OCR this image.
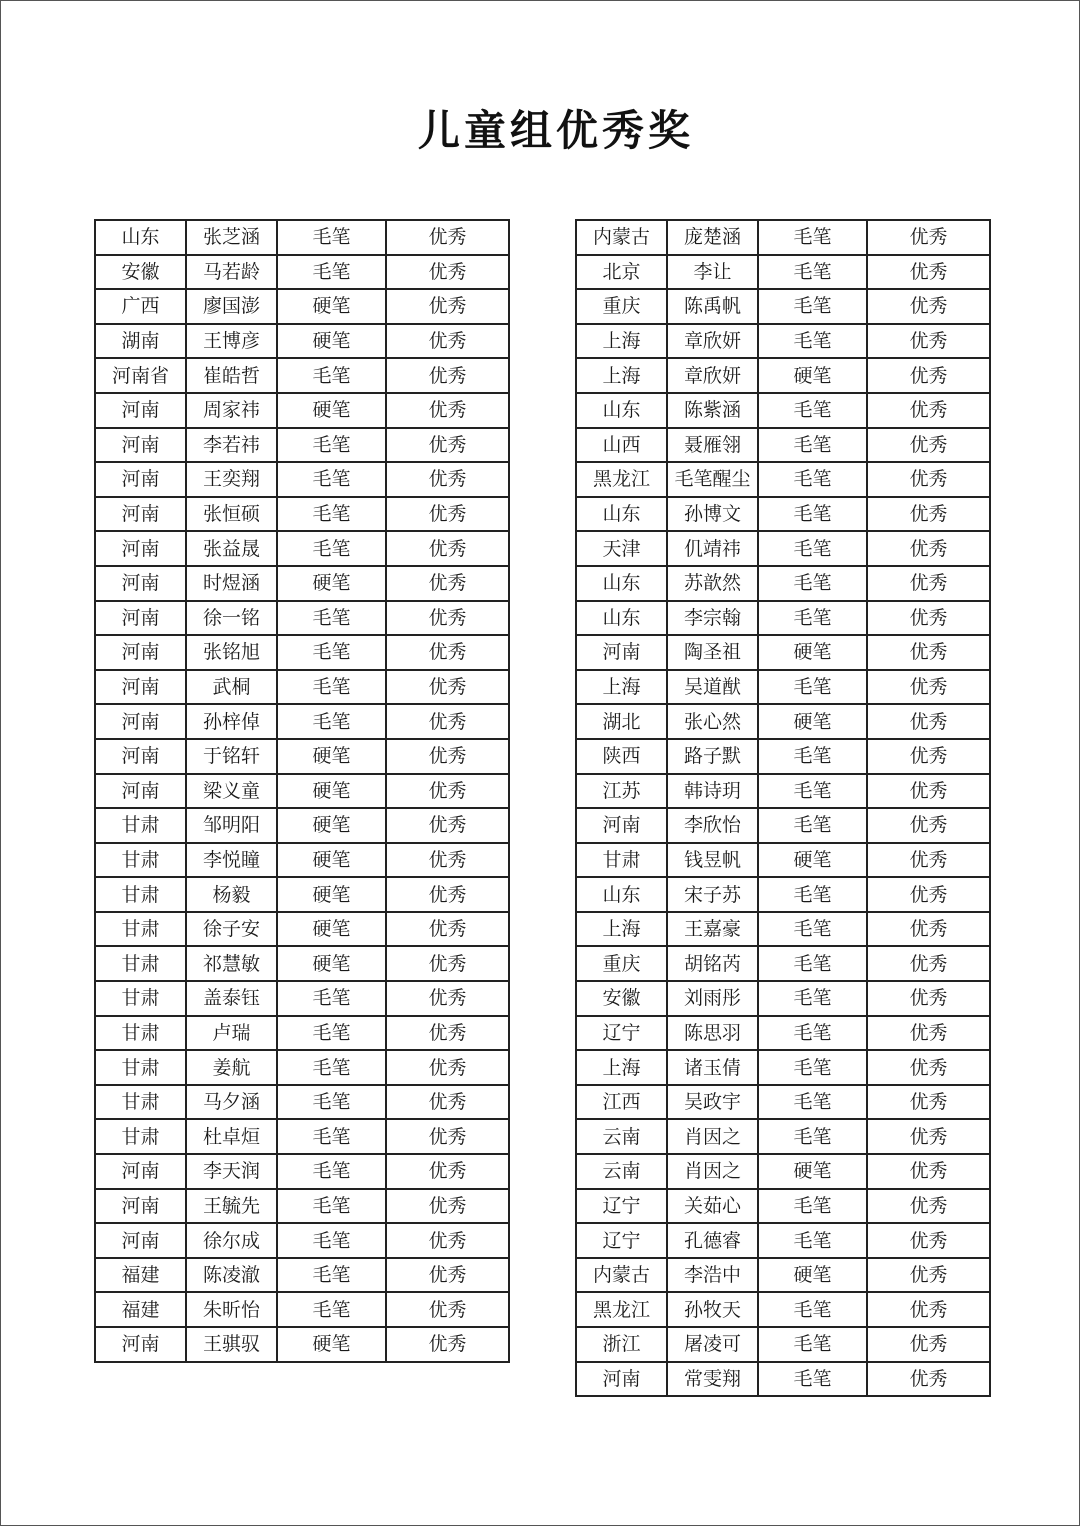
儿童组优秀奖
山东	张芝涵	毛笔	优秀
安徽	马若龄	毛笔	优秀
广西	廖国澎	硬笔	优秀
湖南	王博彦	硬笔	优秀
河南省	崔皓哲	毛笔	优秀
河南	周家祎	硬笔	优秀
河南	李若祎	毛笔	优秀
河南	王奕翔	毛笔	优秀
河南	张恒硕	毛笔	优秀
河南	张益晟	毛笔	优秀
河南	时煜涵	硬笔	优秀
河南	徐一铭	毛笔	优秀
河南	张铭旭	毛笔	优秀
河南	武桐	毛笔	优秀
河南	孙梓倬	毛笔	优秀
河南	于铭轩	硬笔	优秀
河南	梁义童	硬笔	优秀
甘肃	邹明阳	硬笔	优秀
甘肃	李悦瞳	硬笔	优秀
甘肃	杨毅	硬笔	优秀
甘肃	徐子安	硬笔	优秀
甘肃	祁慧敏	硬笔	优秀
甘肃	盖泰钰	毛笔	优秀
甘肃	卢瑞	毛笔	优秀
甘肃	姜航	毛笔	优秀
甘肃	马夕涵	毛笔	优秀
甘肃	杜卓烜	毛笔	优秀
河南	李天润	毛笔	优秀
河南	王毓先	毛笔	优秀
河南	徐尔成	毛笔	优秀
福建	陈凌澈	毛笔	优秀
福建	朱昕怡	毛笔	优秀
河南	王骐驭	硬笔	优秀
内蒙古	庞楚涵	毛笔	优秀
北京	李让	毛笔	优秀
重庆	陈禹帆	毛笔	优秀
上海	章欣妍	毛笔	优秀
上海	章欣妍	硬笔	优秀
山东	陈紫涵	毛笔	优秀
山西	聂雁翎	毛笔	优秀
黑龙江	毛笔醒尘	毛笔	优秀
山东	孙博文	毛笔	优秀
天津	仉靖祎	毛笔	优秀
山东	苏歆然	毛笔	优秀
山东	李宗翰	毛笔	优秀
河南	陶圣祖	硬笔	优秀
上海	吴道猷	毛笔	优秀
湖北	张心然	硬笔	优秀
陕西	路子默	毛笔	优秀
江苏	韩诗玥	毛笔	优秀
河南	李欣怡	毛笔	优秀
甘肃	钱昱帆	硬笔	优秀
山东	宋子苏	毛笔	优秀
上海	王嘉豪	毛笔	优秀
重庆	胡铭芮	毛笔	优秀
安徽	刘雨彤	毛笔	优秀
辽宁	陈思羽	毛笔	优秀
上海	诸玉倩	毛笔	优秀
江西	吴政宇	毛笔	优秀
云南	肖因之	毛笔	优秀
云南	肖因之	硬笔	优秀
辽宁	关茹心	毛笔	优秀
辽宁	孔德睿	毛笔	优秀
内蒙古	李浩中	硬笔	优秀
黑龙江	孙牧天	毛笔	优秀
浙江	屠凌可	毛笔	优秀
河南	常雯翔	毛笔	优秀
